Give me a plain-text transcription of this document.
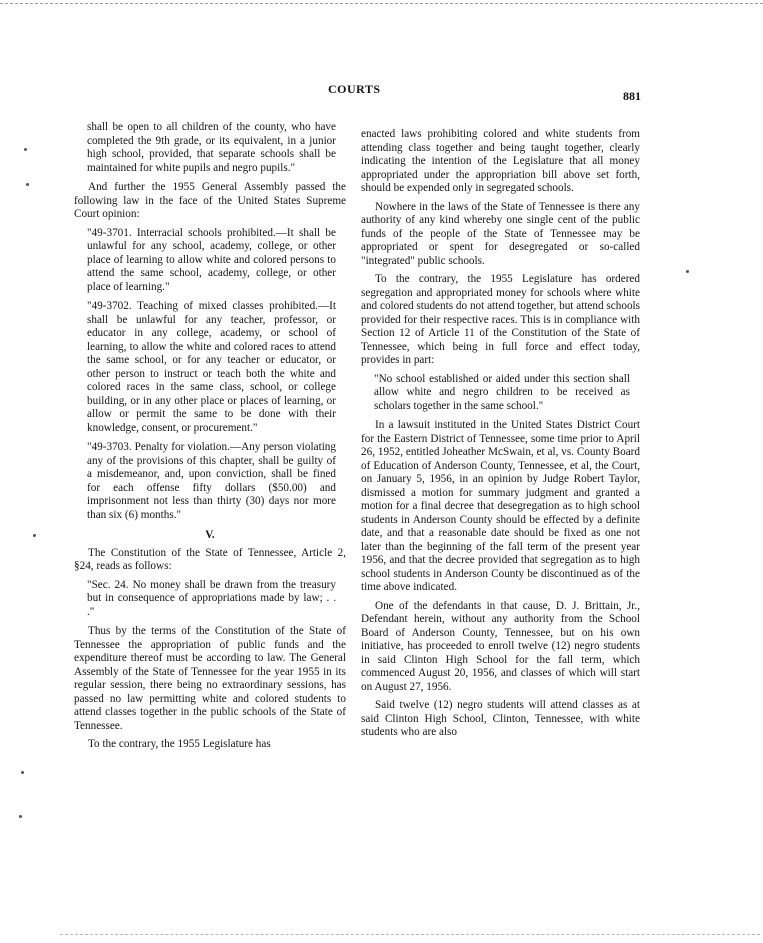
COURTS	881

shall be open to all children of the county, who have completed the 9th grade, or its equivalent, in a junior high school, provided, that separate schools shall be maintained for white pupils and negro pupils."

And further the 1955 General Assembly passed the following law in the face of the United States Supreme Court opinion:

"49-3701. Interracial schools prohibited.—It shall be unlawful for any school, academy, college, or other place of learning to allow white and colored persons to attend the same school, academy, college, or other place of learning."

"49-3702. Teaching of mixed classes prohibited.—It shall be unlawful for any teacher, professor, or educator in any college, academy, or school of learning, to allow the white and colored races to attend the same school, or for any teacher or educator, or other person to instruct or teach both the white and colored races in the same class, school, or college building, or in any other place or places of learning, or allow or permit the same to be done with their knowledge, consent, or procurement."

"49-3703. Penalty for violation.—Any person violating any of the provisions of this chapter, shall be guilty of a misdemeanor, and, upon conviction, shall be fined for each offense fifty dollars ($50.00) and imprisonment not less than thirty (30) days nor more than six (6) months."

V.

The Constitution of the State of Tennessee, Article 2, §24, reads as follows:

"Sec. 24. No money shall be drawn from the treasury but in consequence of appropriations made by law; . . ."

Thus by the terms of the Constitution of the State of Tennessee the appropriation of public funds and the expenditure thereof must be according to law. The General Assembly of the State of Tennessee for the year 1955 in its regular session, there being no extraordinary sessions, has passed no law permitting white and colored students to attend classes together in the public schools of the State of Tennessee.

To the contrary, the 1955 Legislature has

enacted laws prohibiting colored and white students from attending class together and being taught together, clearly indicating the intention of the Legislature that all money appropriated under the appropriation bill above set forth, should be expended only in segregated schools.

Nowhere in the laws of the State of Tennessee is there any authority of any kind whereby one single cent of the public funds of the people of the State of Tennessee may be appropriated or spent for desegregated or so-called "integrated" public schools.

To the contrary, the 1955 Legislature has ordered segregation and appropriated money for schools where white and colored students do not attend together, but attend schools provided for their respective races. This is in compliance with Section 12 of Article 11 of the Constitution of the State of Tennessee, which being in full force and effect today, provides in part:

"No school established or aided under this section shall allow white and negro children to be received as scholars together in the same school."

In a lawsuit instituted in the United States District Court for the Eastern District of Tennessee, some time prior to April 26, 1952, entitled Joheather McSwain, et al, vs. County Board of Education of Anderson County, Tennessee, et al, the Court, on January 5, 1956, in an opinion by Judge Robert Taylor, dismissed a motion for summary judgment and granted a motion for a final decree that desegregation as to high school students in Anderson County should be effected by a definite date, and that a reasonable date should be fixed as one not later than the beginning of the fall term of the present year 1956, and that the decree provided that segregation as to high school students in Anderson County be discontinued as of the time above indicated.

One of the defendants in that cause, D. J. Brittain, Jr., Defendant herein, without any authority from the School Board of Anderson County, Tennessee, but on his own initiative, has proceeded to enroll twelve (12) negro students in said Clinton High School for the fall term, which commenced August 20, 1956, and classes of which will start on August 27, 1956.

Said twelve (12) negro students will attend classes as at said Clinton High School, Clinton, Tennessee, with white students who are also
